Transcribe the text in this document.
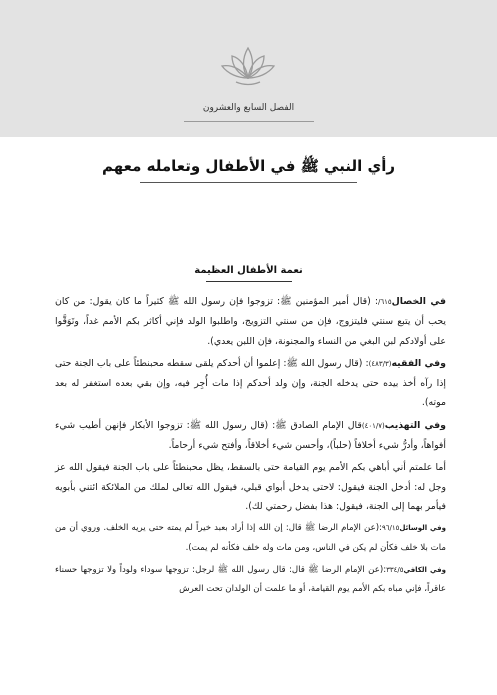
الفصل السابع والعشرون
رأي النبي ﷺ في الأطفال وتعامله معهم
نعمة الأطفال العظيمة

في الخصال٦١٥/: (قال أمير المؤمنين ﷺ: تزوجوا فإن رسول الله ﷺ كثيراً ما كان يقول: من كان يحب أن يتبع سنتي فليتزوج، فإن من سنتي التزويج، واطلبوا الولد فإني أكاثر بكم الأمم غداً، وتَوَقَّوا على أولادكم لبن البغي من النساء والمجنونة، فإن اللبن يعدي).

وفي الفقيه(٤٨٣/٣): (قال رسول الله ﷺ: إعلموا أن أحدكم يلقى سقطه محبنطئاً على باب الجنة حتى إذا رآه أخذ بيده حتى يدخله الجنة، وإن ولد أحدكم إذا مات أُجِر فيه، وإن بقي بعده استغفر له بعد موته).

وفي التهذيب(٤٠١/٧)قال الإمام الصادق ﷺ: (قال رسول الله ﷺ: تزوجوا الأبكار فإنهن أطيب شيء أفواهاً، وأدرُّ شيء أخلافاً (حلباً)، وأحسن شيء أخلاقاً، وأفتح شيء أرحاماً.

أما علمتم أني أباهي بكم الأمم يوم القيامة حتى بالسقط، يظل محبنطئاً على باب الجنة فيقول الله عز وجل له: أدخل الجنة فيقول: لاحتى يدخل أبواي قبلي، فيقول الله تعالى لملك من الملائكة ائتني بأبويه فيأمر بهما إلى الجنة، فيقول: هذا بفضل رحمتي لك).

وفي الوسائل٩٦/١٥:(عن الإمام الرضا ﷺ قال: إن الله إذا أراد بعبد خيراً لم يمته حتى يريه الخلف. وروي أن من مات بلا خلف فكأن لم يكن في الناس، ومن مات وله خلف فكأنه لم يمت).

وفي الكافي٣٣٤/٥:(عن الإمام الرضا ﷺ قال: قال رسول الله ﷺ لرجل: تزوجها سوداء ولوداً ولا تزوجها حسناء عاقراً، فإني مباه بكم الأمم يوم القيامة، أو ما علمت أن الولدان تحت العرش
